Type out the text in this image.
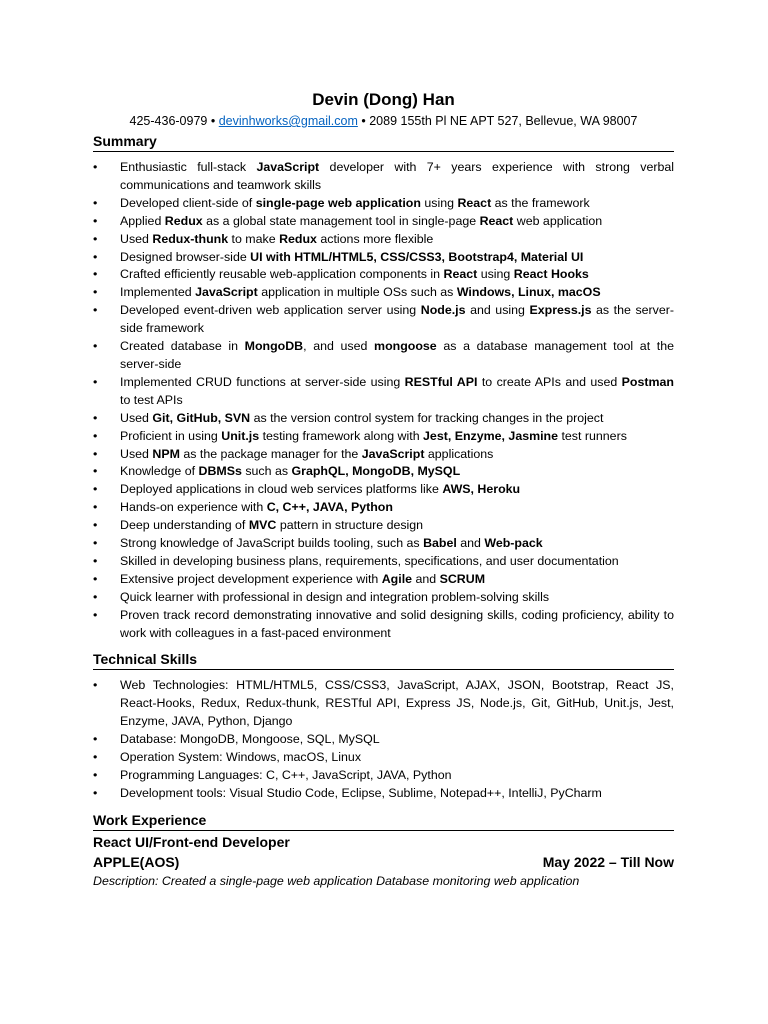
Devin (Dong) Han
425-436-0979 • devinhworks@gmail.com • 2089 155th Pl NE APT 527, Bellevue, WA 98007
Summary
• Enthusiastic full-stack JavaScript developer with 7+ years experience with strong verbal communications and teamwork skills
• Developed client-side of single-page web application using React as the framework
• Applied Redux as a global state management tool in single-page React web application
• Used Redux-thunk to make Redux actions more flexible
• Designed browser-side UI with HTML/HTML5, CSS/CSS3, Bootstrap4, Material UI
• Crafted efficiently reusable web-application components in React using React Hooks
• Implemented JavaScript application in multiple OSs such as Windows, Linux, macOS
• Developed event-driven web application server using Node.js and using Express.js as the server-side framework
• Created database in MongoDB, and used mongoose as a database management tool at the server-side
• Implemented CRUD functions at server-side using RESTful API to create APIs and used Postman to test APIs
• Used Git, GitHub, SVN as the version control system for tracking changes in the project
• Proficient in using Unit.js testing framework along with Jest, Enzyme, Jasmine test runners
• Used NPM as the package manager for the JavaScript applications
• Knowledge of DBMSs such as GraphQL, MongoDB, MySQL
• Deployed applications in cloud web services platforms like AWS, Heroku
• Hands-on experience with C, C++, JAVA, Python
• Deep understanding of MVC pattern in structure design
• Strong knowledge of JavaScript builds tooling, such as Babel and Web-pack
• Skilled in developing business plans, requirements, specifications, and user documentation
• Extensive project development experience with Agile and SCRUM
• Quick learner with professional in design and integration problem-solving skills
• Proven track record demonstrating innovative and solid designing skills, coding proficiency, ability to work with colleagues in a fast-paced environment
Technical Skills
• Web Technologies: HTML/HTML5, CSS/CSS3, JavaScript, AJAX, JSON, Bootstrap, React JS, React-Hooks, Redux, Redux-thunk, RESTful API, Express JS, Node.js, Git, GitHub, Unit.js, Jest, Enzyme, JAVA, Python, Django
• Database: MongoDB, Mongoose, SQL, MySQL
• Operation System: Windows, macOS, Linux
• Programming Languages: C, C++, JavaScript, JAVA, Python
• Development tools: Visual Studio Code, Eclipse, Sublime, Notepad++, IntelliJ, PyCharm
Work Experience
React UI/Front-end Developer
APPLE(AOS)	May 2022 – Till Now
Description: Created a single-page web application Database monitoring web application
